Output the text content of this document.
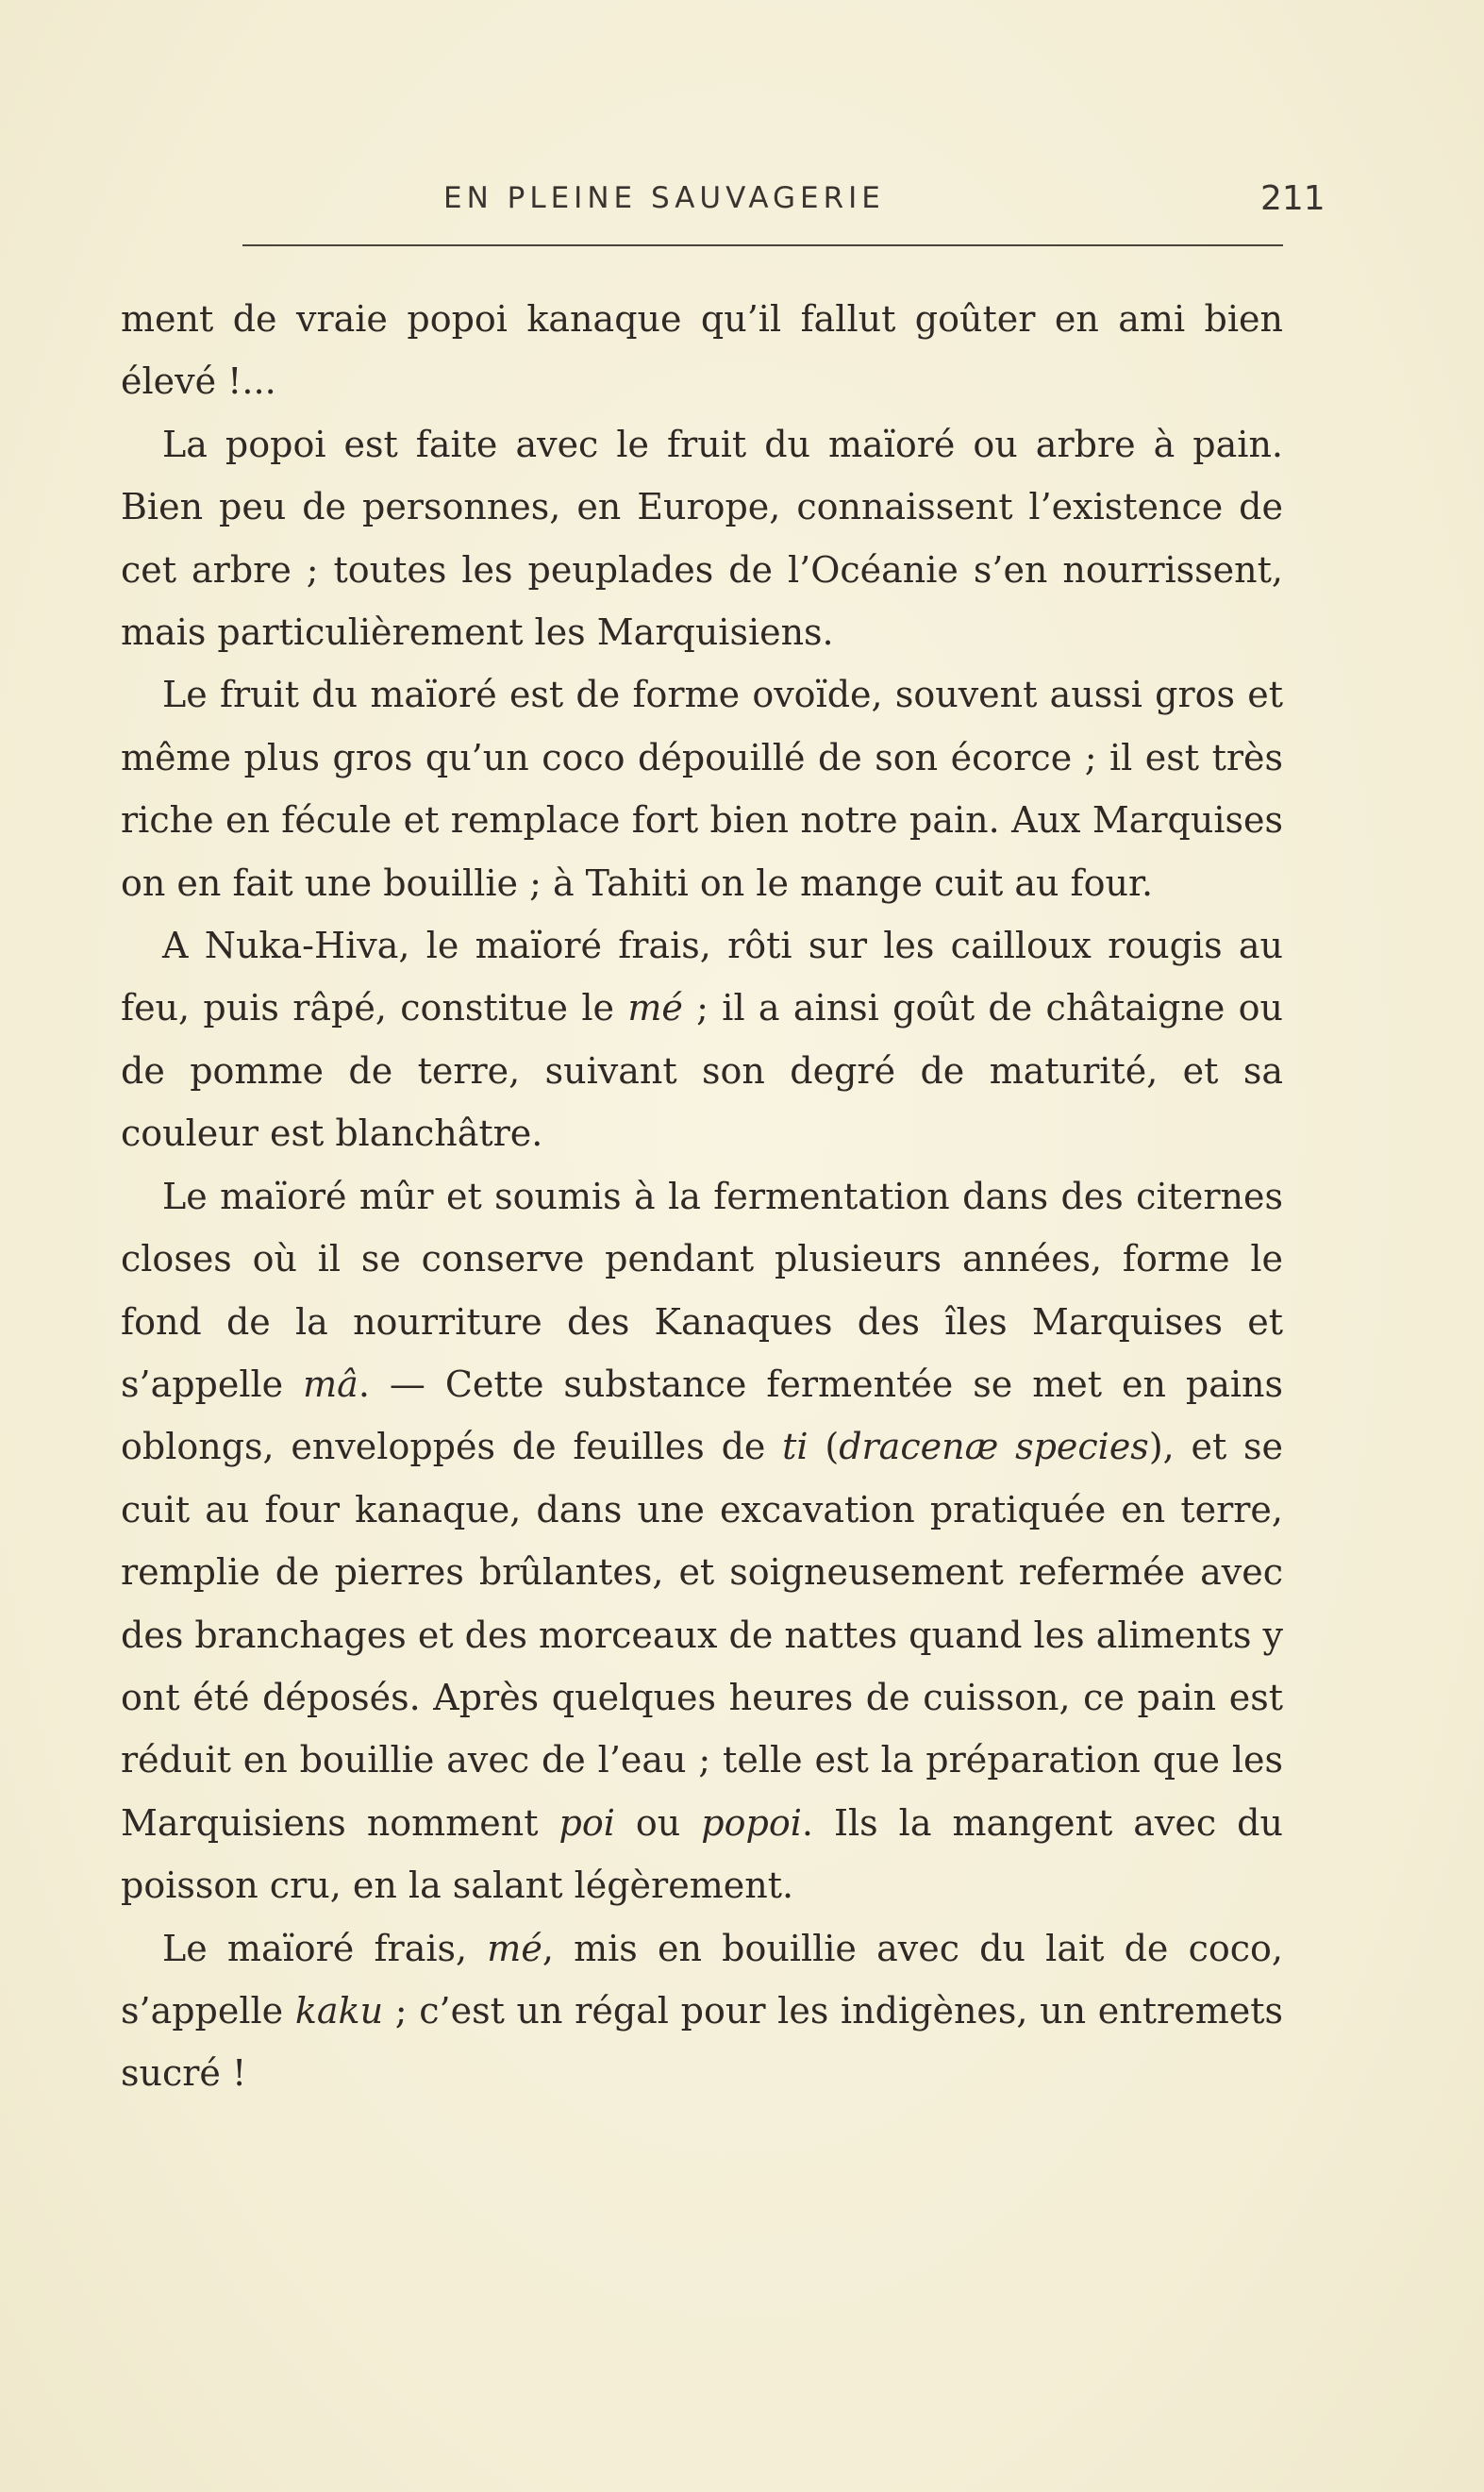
EN PLEINE SAUVAGERIE	211

ment de vraie popoi kanaque qu’il fallut goûter en ami bien élevé !...

La popoi est faite avec le fruit du maïoré ou arbre à pain. Bien peu de personnes, en Europe, connaissent l’existence de cet arbre ; toutes les peuplades de l’Océanie s’en nourrissent, mais particulièrement les Marquisiens.

Le fruit du maïoré est de forme ovoïde, souvent aussi gros et même plus gros qu’un coco dépouillé de son écorce ; il est très riche en fécule et remplace fort bien notre pain. Aux Marquises on en fait une bouillie ; à Tahiti on le mange cuit au four.

A Nuka-Hiva, le maïoré frais, rôti sur les cailloux rougis au feu, puis râpé, constitue le mé ; il a ainsi goût de châtaigne ou de pomme de terre, suivant son degré de maturité, et sa couleur est blanchâtre.

Le maïoré mûr et soumis à la fermentation dans des citernes closes où il se conserve pendant plusieurs années, forme le fond de la nourriture des Kanaques des îles Marquises et s’appelle mâ. — Cette substance fermentée se met en pains oblongs, enveloppés de feuilles de ti (dracenæ species), et se cuit au four kanaque, dans une excavation pratiquée en terre, remplie de pierres brûlantes, et soigneusement refermée avec des branchages et des morceaux de nattes quand les aliments y ont été déposés. Après quelques heures de cuisson, ce pain est réduit en bouillie avec de l’eau ; telle est la préparation que les Marquisiens nomment poi ou popoi. Ils la mangent avec du poisson cru, en la salant légèrement.

Le maïoré frais, mé, mis en bouillie avec du lait de coco, s’appelle kaku ; c’est un régal pour les indigènes, un entremets sucré !
